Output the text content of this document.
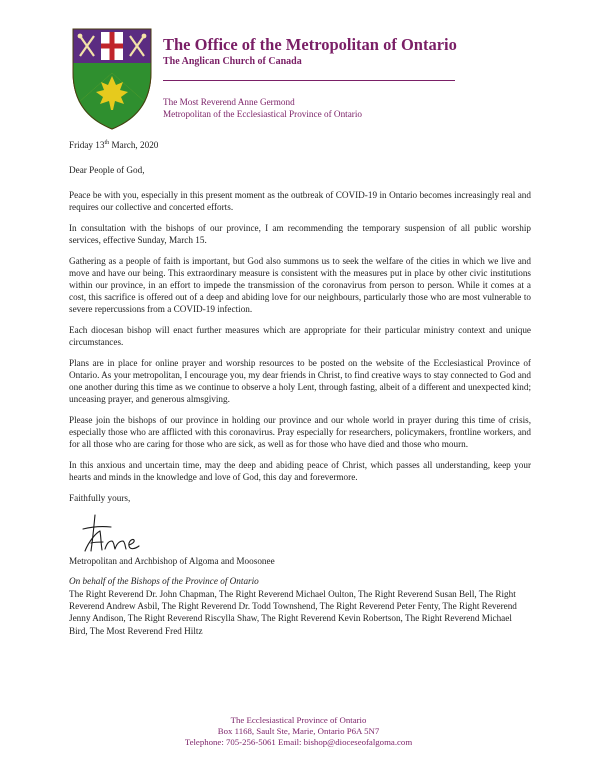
The Office of the Metropolitan of Ontario
The Anglican Church of Canada
The Most Reverend Anne Germond
Metropolitan of the Ecclesiastical Province of Ontario

Friday 13th March, 2020

Dear People of God,

Peace be with you, especially in this present moment as the outbreak of COVID-19 in Ontario becomes increasingly real and requires our collective and concerted efforts.

In consultation with the bishops of our province, I am recommending the temporary suspension of all public worship services, effective Sunday, March 15.

Gathering as a people of faith is important, but God also summons us to seek the welfare of the cities in which we live and move and have our being. This extraordinary measure is consistent with the measures put in place by other civic institutions within our province, in an effort to impede the transmission of the coronavirus from person to person. While it comes at a cost, this sacrifice is offered out of a deep and abiding love for our neighbours, particularly those who are most vulnerable to severe repercussions from a COVID-19 infection.

Each diocesan bishop will enact further measures which are appropriate for their particular ministry context and unique circumstances.

Plans are in place for online prayer and worship resources to be posted on the website of the Ecclesiastical Province of Ontario. As your metropolitan, I encourage you, my dear friends in Christ, to find creative ways to stay connected to God and one another during this time as we continue to observe a holy Lent, through fasting, albeit of a different and unexpected kind; unceasing prayer, and generous almsgiving.

Please join the bishops of our province in holding our province and our whole world in prayer during this time of crisis, especially those who are afflicted with this coronavirus. Pray especially for researchers, policymakers, frontline workers, and for all those who are caring for those who are sick, as well as for those who have died and those who mourn.

In this anxious and uncertain time, may the deep and abiding peace of Christ, which passes all understanding, keep your hearts and minds in the knowledge and love of God, this day and forevermore.

Faithfully yours,

Metropolitan and Archbishop of Algoma and Moosonee

On behalf of the Bishops of the Province of Ontario

The Right Reverend Dr. John Chapman, The Right Reverend Michael Oulton, The Right Reverend Susan Bell, The Right Reverend Andrew Asbil, The Right Reverend Dr. Todd Townshend, The Right Reverend Peter Fenty, The Right Reverend Jenny Andison, The Right Reverend Riscylla Shaw, The Right Reverend Kevin Robertson, The Right Reverend Michael Bird, The Most Reverend Fred Hiltz

The Ecclesiastical Province of Ontario
Box 1168, Sault Ste, Marie, Ontario P6A 5N7
Telephone: 705-256-5061 Email: bishop@dioceseofalgoma.com
